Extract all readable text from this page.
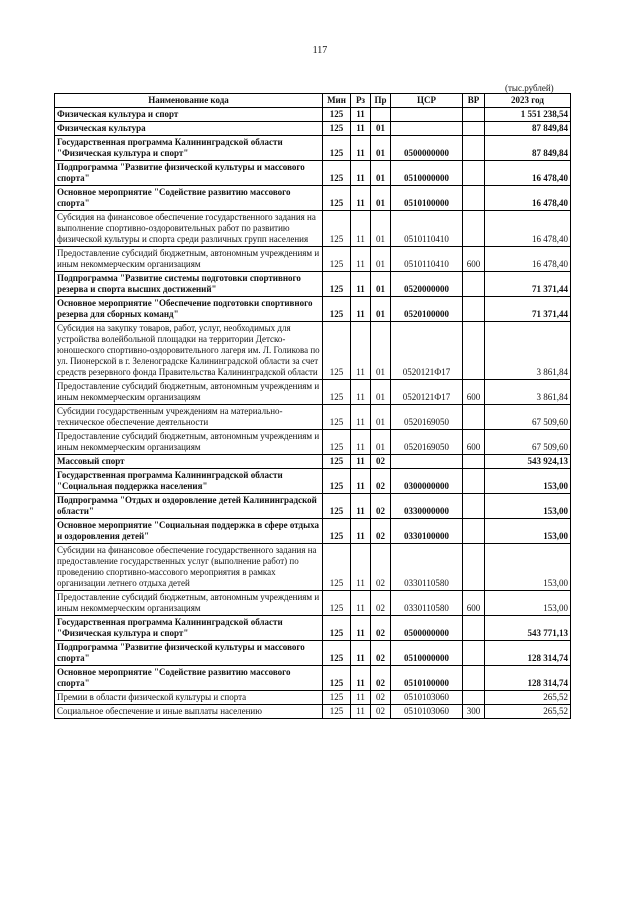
117
(тыс.рублей)
Наименование кода	Мин	Рз	Пр	ЦСР	ВР	2023 год
Физическая культура и спорт	125	11				1 551 238,54
Физическая культура	125	11	01			87 849,84
Государственная программа Калининградской области "Физическая культура и спорт"	125	11	01	0500000000		87 849,84
Подпрограмма "Развитие физической культуры и массового спорта"	125	11	01	0510000000		16 478,40
Основное мероприятие "Содействие развитию массового спорта"	125	11	01	0510100000		16 478,40
Субсидия на финансовое обеспечение государственного задания на выполнение спортивно-оздоровительных работ по развитию физической культуры и спорта среди различных групп населения	125	11	01	0510110410		16 478,40
Предоставление субсидий бюджетным, автономным учреждениям и иным некоммерческим организациям	125	11	01	0510110410	600	16 478,40
Подпрограмма "Развитие системы подготовки спортивного резерва и спорта высших достижений"	125	11	01	0520000000		71 371,44
Основное мероприятие "Обеспечение подготовки спортивного резерва для сборных команд"	125	11	01	0520100000		71 371,44
Субсидия на закупку товаров, работ, услуг, необходимых для устройства волейбольной площадки на территории Детско-юношеского спортивно-оздоровительного лагеря им. Л. Голикова по ул. Пионерской в г. Зеленоградске Калининградской области за счет средств резервного фонда Правительства Калининградской области	125	11	01	0520121Ф17		3 861,84
Предоставление субсидий бюджетным, автономным учреждениям и иным некоммерческим организациям	125	11	01	0520121Ф17	600	3 861,84
Субсидии государственным учреждениям на материально-техническое обеспечение деятельности	125	11	01	0520169050		67 509,60
Предоставление субсидий бюджетным, автономным учреждениям и иным некоммерческим организациям	125	11	01	0520169050	600	67 509,60
Массовый спорт	125	11	02			543 924,13
Государственная программа Калининградской области "Социальная поддержка населения"	125	11	02	0300000000		153,00
Подпрограмма "Отдых и оздоровление детей Калининградской области"	125	11	02	0330000000		153,00
Основное мероприятие "Социальная поддержка в сфере отдыха и оздоровления детей"	125	11	02	0330100000		153,00
Субсидии на финансовое обеспечение государственного задания на предоставление государственных услуг (выполнение работ) по проведению спортивно-массового мероприятия в рамках организации летнего отдыха детей	125	11	02	0330110580		153,00
Предоставление субсидий бюджетным, автономным учреждениям и иным некоммерческим организациям	125	11	02	0330110580	600	153,00
Государственная программа Калининградской области "Физическая культура и спорт"	125	11	02	0500000000		543 771,13
Подпрограмма "Развитие физической культуры и массового спорта"	125	11	02	0510000000		128 314,74
Основное мероприятие "Содействие развитию массового спорта"	125	11	02	0510100000		128 314,74
Премии в области физической культуры и спорта	125	11	02	0510103060		265,52
Социальное обеспечение и иные выплаты населению	125	11	02	0510103060	300	265,52
